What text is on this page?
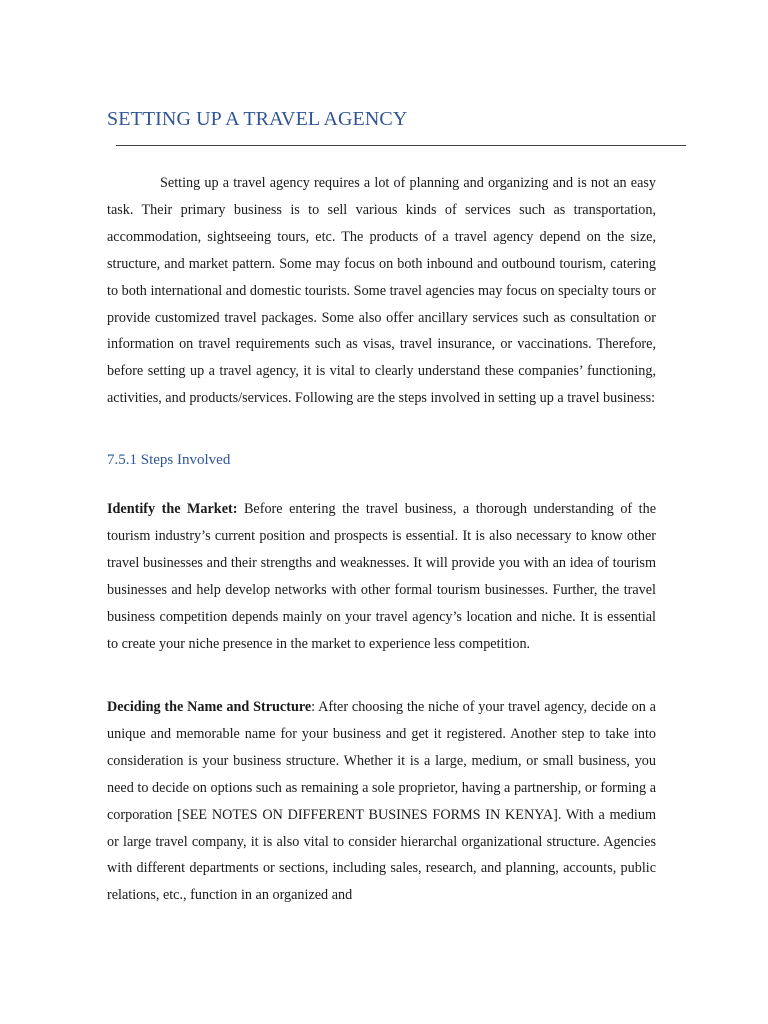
SETTING UP A TRAVEL AGENCY

Setting up a travel agency requires a lot of planning and organizing and is not an easy task. Their primary business is to sell various kinds of services such as transportation, accommodation, sightseeing tours, etc. The products of a travel agency depend on the size, structure, and market pattern. Some may focus on both inbound and outbound tourism, catering to both international and domestic tourists. Some travel agencies may focus on specialty tours or provide customized travel packages. Some also offer ancillary services such as consultation or information on travel requirements such as visas, travel insurance, or vaccinations. Therefore, before setting up a travel agency, it is vital to clearly understand these companies’ functioning, activities, and products/services. Following are the steps involved in setting up a travel business:

7.5.1 Steps Involved

Identify the Market: Before entering the travel business, a thorough understanding of the tourism industry’s current position and prospects is essential. It is also necessary to know other travel businesses and their strengths and weaknesses. It will provide you with an idea of tourism businesses and help develop networks with other formal tourism businesses. Further, the travel business competition depends mainly on your travel agency’s location and niche. It is essential to create your niche presence in the market to experience less competition.

Deciding the Name and Structure: After choosing the niche of your travel agency, decide on a unique and memorable name for your business and get it registered. Another step to take into consideration is your business structure. Whether it is a large, medium, or small business, you need to decide on options such as remaining a sole proprietor, having a partnership, or forming a corporation [SEE NOTES ON DIFFERENT BUSINES FORMS IN KENYA]. With a medium or large travel company, it is also vital to consider hierarchal organizational structure. Agencies with different departments or sections, including sales, research, and planning, accounts, public relations, etc., function in an organized and
